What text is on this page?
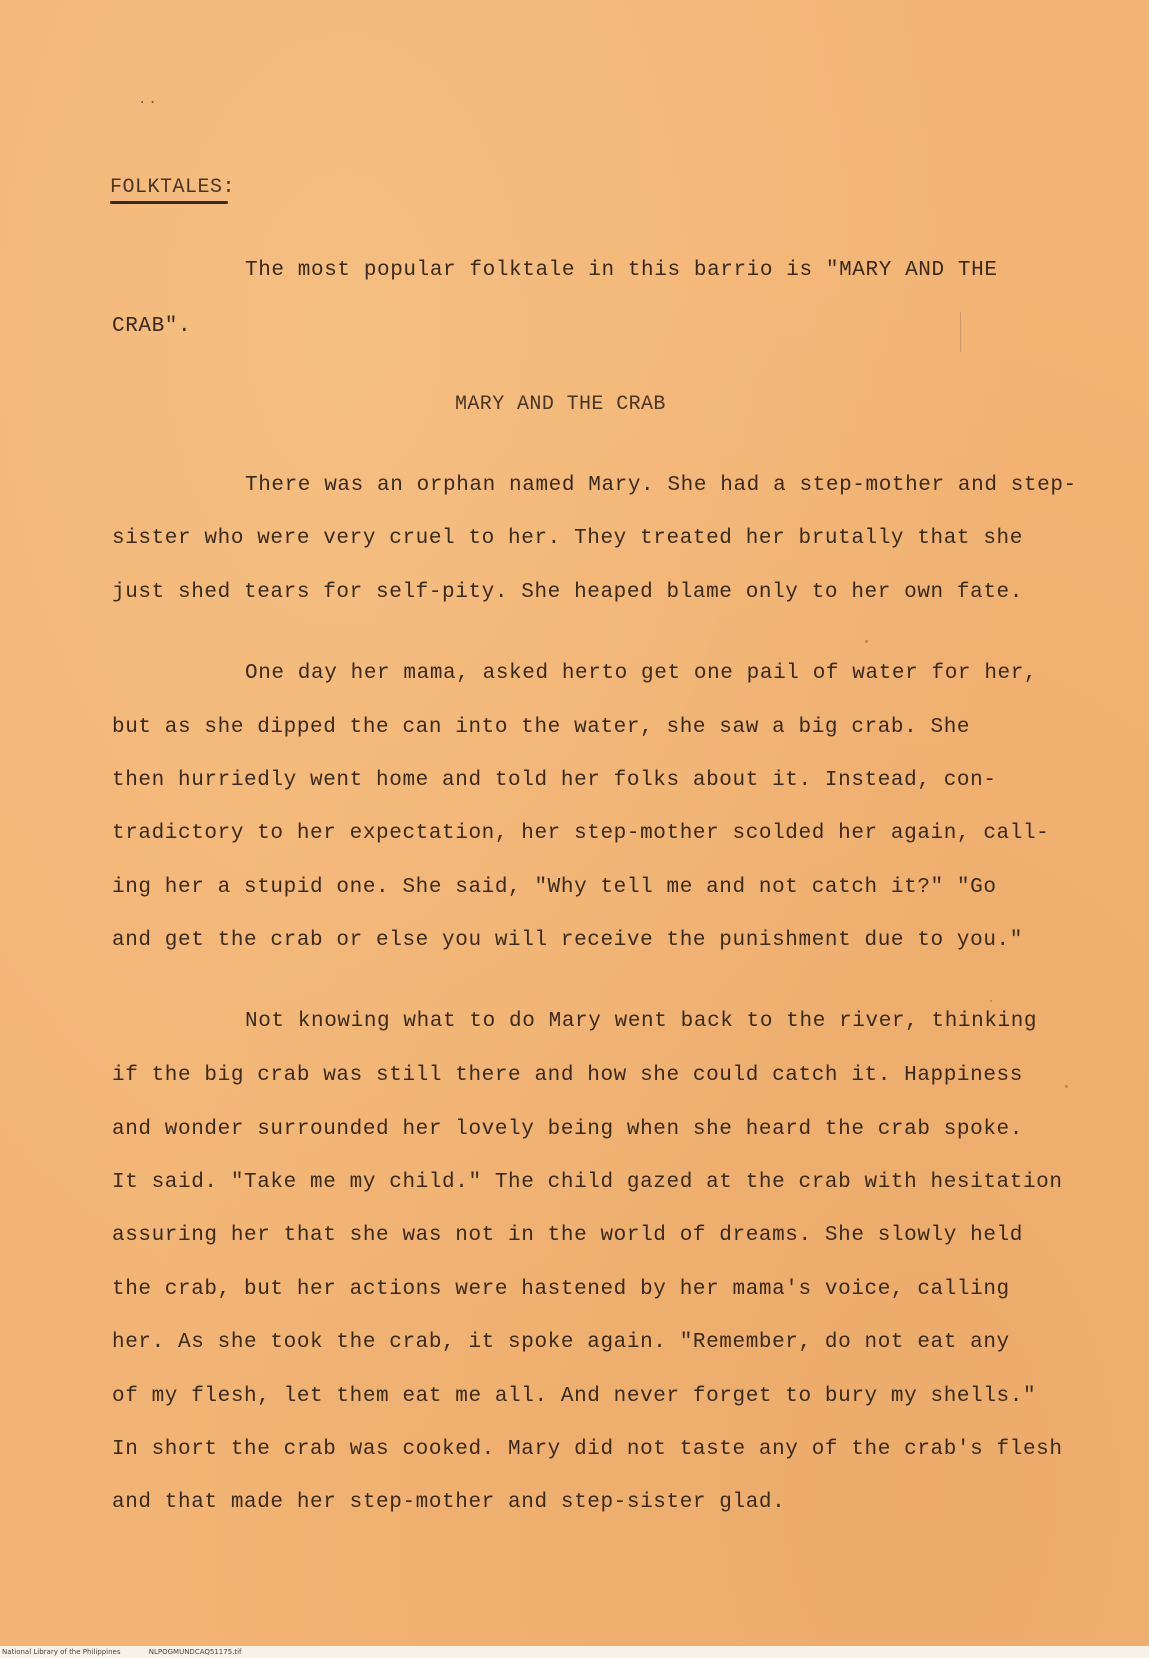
..
FOLKTALES:
The most popular folktale in this barrio is "MARY AND THE
CRAB".
MARY AND THE CRAB
There was an orphan named Mary. She had a step-mother and step-
sister who were very cruel to her. They treated her brutally that she
just shed tears for self-pity. She heaped blame only to her own fate.
One day her mama, asked herto get one pail of water for her,
but as she dipped the can into the water, she saw a big crab. She
then hurriedly went home and told her folks about it. Instead, con-
tradictory to her expectation, her step-mother scolded her again, call-
ing her a stupid one. She said, "Why tell me and not catch it?" "Go
and get the crab or else you will receive the punishment due to you."
Not knowing what to do Mary went back to the river, thinking
if the big crab was still there and how she could catch it. Happiness
and wonder surrounded her lovely being when she heard the crab spoke.
It said. "Take me my child." The child gazed at the crab with hesitation
assuring her that she was not in the world of dreams. She slowly held
the crab, but her actions were hastened by her mama's voice, calling
her. As she took the crab, it spoke again. "Remember, do not eat any
of my flesh, let them eat me all. And never forget to bury my shells."
In short the crab was cooked. Mary did not taste any of the crab's flesh
and that made her step-mother and step-sister glad.
National Library of the Philippines	NLPOGMUNDCAQ51175.tif
